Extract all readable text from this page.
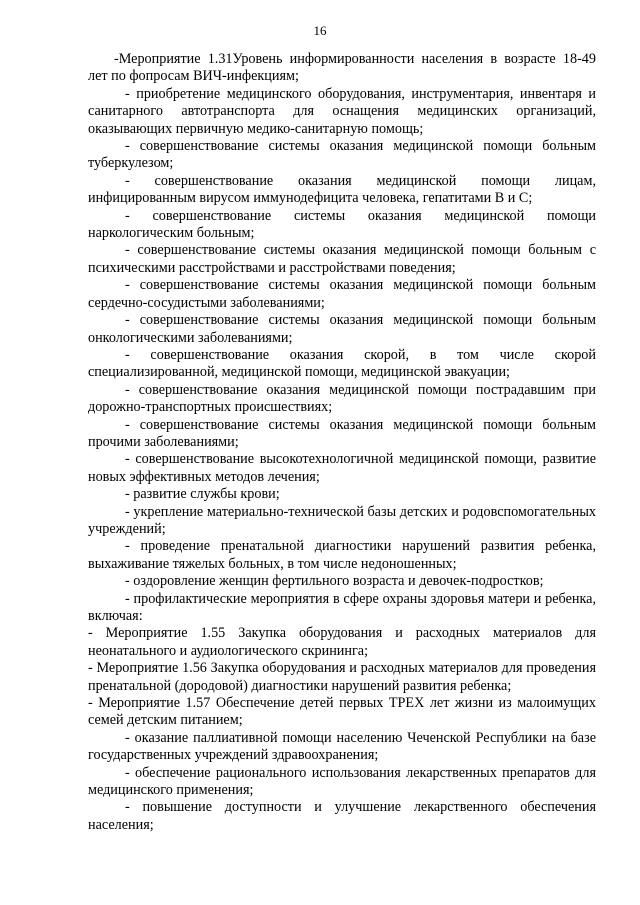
16

-Мероприятие 1.31Уровень информированности населения в возрасте 18-49 лет по фопросам ВИЧ-инфекциям;

- приобретение медицинского оборудования, инструментария, инвентаря и санитарного автотранспорта для оснащения медицинских организаций, оказывающих первичную медико-санитарную помощь;

- совершенствование системы оказания медицинской помощи больным туберкулезом;

- совершенствование оказания медицинской помощи лицам, инфицированным вирусом иммунодефицита человека, гепатитами В и С;

- совершенствование системы оказания медицинской помощи наркологическим больным;

- совершенствование системы оказания медицинской помощи больным с психическими расстройствами и расстройствами поведения;

- совершенствование системы оказания медицинской помощи больным сердечно-сосудистыми заболеваниями;

- совершенствование системы оказания медицинской помощи больным онкологическими заболеваниями;

- совершенствование оказания скорой, в том числе скорой специализированной, медицинской помощи, медицинской эвакуации;

- совершенствование оказания медицинской помощи пострадавшим при дорожно-транспортных происшествиях;

- совершенствование системы оказания медицинской помощи больным прочими заболеваниями;

- совершенствование высокотехнологичной медицинской помощи, развитие новых эффективных методов лечения;

- развитие службы крови;

- укрепление материально-технической базы детских и родовспомогательных учреждений;

- проведение пренатальной диагностики нарушений развития ребенка, выхаживание тяжелых больных, в том числе недоношенных;

- оздоровление женщин фертильного возраста и девочек-подростков;

- профилактические мероприятия в сфере охраны здоровья матери и ребенка, включая:

- Мероприятие 1.55 Закупка оборудования и расходных материалов для неонатального и аудиологического скрининга;

- Мероприятие 1.56 Закупка оборудования и расходных материалов для проведения пренатальной (дородовой) диагностики нарушений развития ребенка;

- Мероприятие 1.57 Обеспечение детей первых ТРЕХ лет жизни из малоимущих семей детским питанием;

- оказание паллиативной помощи населению Чеченской Республики на базе государственных учреждений здравоохранения;

- обеспечение рационального использования лекарственных препаратов для медицинского применения;

- повышение доступности и улучшение лекарственного обеспечения населения;
